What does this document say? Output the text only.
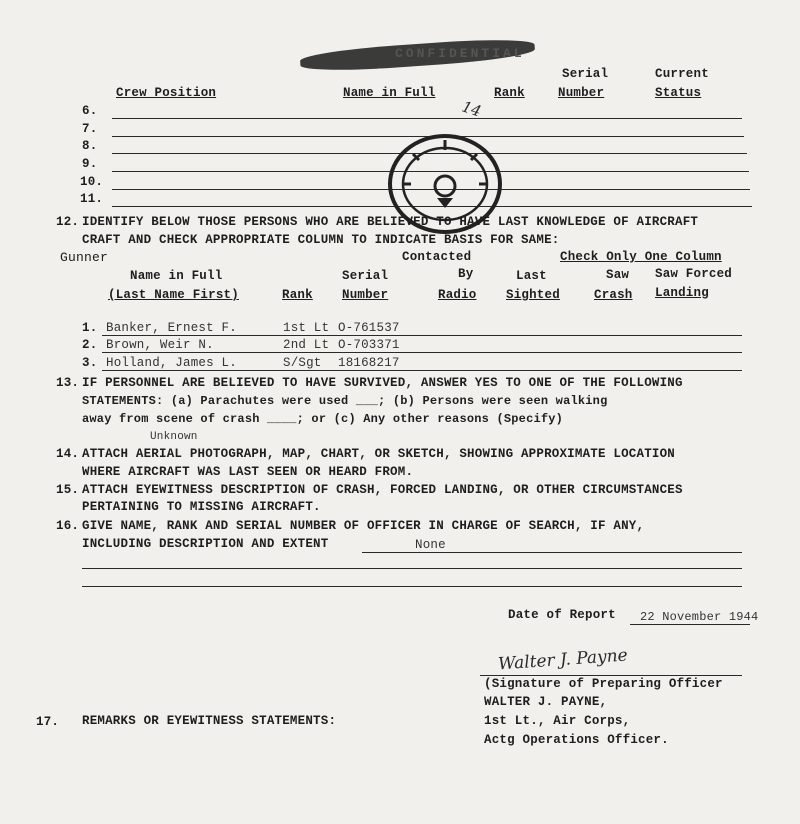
CONFIDENTIAL
Serial	Current
Crew Position	Name in Full	Rank	Number	Status
14
6.
7.
8.
9.
10.
11.
12. IDENTIFY BELOW THOSE PERSONS WHO ARE BELIEVED TO HAVE LAST KNOWLEDGE OF AIRCRAFT
CRAFT AND CHECK APPROPRIATE COLUMN TO INDICATE BASIS FOR SAME:
Gunner	Contacted	Check Only One Column
Name in Full	Serial	By	Last	Saw Saw Forced
(Last Name First)	Rank Number	Radio Sighted	Crash Landing
1. Banker, Ernest F.	1st Lt O-761537
2. Brown, Weir N.	2nd Lt O-703371
3. Holland, James L.	S/Sgt 18168217
13. IF PERSONNEL ARE BELIEVED TO HAVE SURVIVED, ANSWER YES TO ONE OF THE FOLLOWING
STATEMENTS: (a) Parachutes were used ___; (b) Persons were seen walking
away from scene of crash ____; or (c) Any other reasons (Specify)
Unknown
14. ATTACH AERIAL PHOTOGRAPH, MAP, CHART, OR SKETCH, SHOWING APPROXIMATE LOCATION
WHERE AIRCRAFT WAS LAST SEEN OR HEARD FROM.
15. ATTACH EYEWITNESS DESCRIPTION OF CRASH, FORCED LANDING, OR OTHER CIRCUMSTANCES
PERTAINING TO MISSING AIRCRAFT.
16. GIVE NAME, RANK AND SERIAL NUMBER OF OFFICER IN CHARGE OF SEARCH, IF ANY,
INCLUDING DESCRIPTION AND EXTENT	None
Date of Report 22 November 1944
Walter J. Payne
(Signature of Preparing Officer
WALTER J. PAYNE,
1st Lt., Air Corps,
Actg Operations Officer.
17. REMARKS OR EYEWITNESS STATEMENTS:
